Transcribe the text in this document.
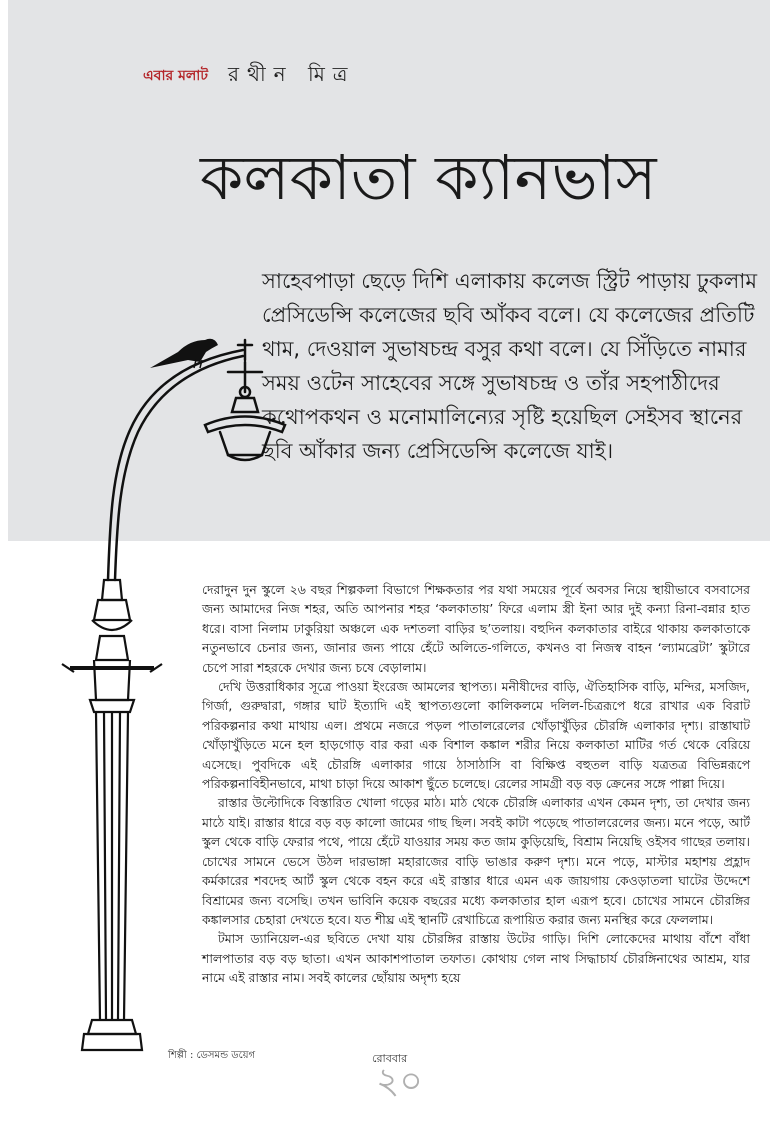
এবার মলাট রথীন মিত্র
কলকাতা ক্যানভাস

সাহেবপাড়া ছেড়ে দিশি এলাকায় কলেজ স্ট্রিট পাড়ায় ঢুকলাম প্রেসিডেন্সি কলেজের ছবি আঁকব বলে। যে কলেজের প্রতিটি থাম, দেওয়াল সুভাষচন্দ্র বসুর কথা বলে। যে সিঁড়িতে নামার সময় ওটেন সাহেবের সঙ্গে সুভাষচন্দ্র ও তাঁর সহপাঠীদের কথোপকথন ও মনোমালিন্যের সৃষ্টি হয়েছিল সেইসব স্থানের ছবি আঁকার জন্য প্রেসিডেন্সি কলেজে যাই।

দেরাদুন দুন স্কুলে ২৬ বছর শিল্পকলা বিভাগে শিক্ষকতার পর যথা সময়ের পূর্বে অবসর নিয়ে স্থায়ীভাবে বসবাসের জন্য আমাদের নিজ শহর, অতি আপনার শহর ‘কলকাতায়’ ফিরে এলাম স্ত্রী ইনা আর দুই কন্যা রিনা-বন্নার হাত ধরে। বাসা নিলাম ঢাকুরিয়া অঞ্চলে এক দশতলা বাড়ির ছ’তলায়। বহুদিন কলকাতার বাইরে থাকায় কলকাতাকে নতুনভাবে চেনার জন্য, জানার জন্য পায়ে হেঁটে অলিতে-গলিতে, কখনও বা নিজস্ব বাহন ‘ল্যামব্রেটা’ স্কুটারে চেপে সারা শহরকে দেখার জন্য চষে বেড়ালাম।

দেখি উত্তরাধিকার সূত্রে পাওয়া ইংরেজ আমলের স্থাপত্য। মনীষীদের বাড়ি, ঐতিহাসিক বাড়ি, মন্দির, মসজিদ, গির্জা, গুরুদ্বারা, গঙ্গার ঘাট ইত্যাদি এই স্থাপত্যগুলো কালিকলমে দলিল-চিত্ররূপে ধরে রাখার এক বিরাট পরিকল্পনার কথা মাথায় এল। প্রথমে নজরে পড়ল পাতালরেলের খোঁড়াখুঁড়ির চৌরঙ্গি এলাকার দৃশ্য। রাস্তাঘাট খোঁড়াখুঁড়িতে মনে হল হাড়গোড় বার করা এক বিশাল কঙ্কাল শরীর নিয়ে কলকাতা মাটির গর্ত থেকে বেরিয়ে এসেছে। পুবদিকে এই চৌরঙ্গি এলাকার গায়ে ঠাসাঠাসি বা বিক্ষিপ্ত বহুতল বাড়ি যত্রতত্র বিভিন্নরূপে পরিকল্পনাবিহীনভাবে, মাথা চাড়া দিয়ে আকাশ ছুঁতে চলেছে। রেলের সামগ্রী বড় বড় ক্রেনের সঙ্গে পাল্লা দিয়ে।

রাস্তার উল্টোদিকে বিস্তারিত খোলা গড়ের মাঠ। মাঠ থেকে চৌরঙ্গি এলাকার এখন কেমন দৃশ্য, তা দেখার জন্য মাঠে যাই। রাস্তার ধারে বড় বড় কালো জামের গাছ ছিল। সবই কাটা পড়েছে পাতালরেলের জন্য। মনে পড়ে, আর্ট স্কুল থেকে বাড়ি ফেরার পথে, পায়ে হেঁটে যাওয়ার সময় কত জাম কুড়িয়েছি, বিশ্রাম নিয়েছি ওইসব গাছের তলায়। চোখের সামনে ভেসে উঠল দারভাঙ্গা মহারাজের বাড়ি ভাঙার করুণ দৃশ্য। মনে পড়ে, মাস্টার মহাশয় প্রহ্লাদ কর্মকারের শবদেহ আর্ট স্কুল থেকে বহন করে এই রাস্তার ধারে এমন এক জায়গায় কেওড়াতলা ঘাটের উদ্দেশে বিশ্রামের জন্য বসেছি। তখন ভাবিনি কয়েক বছরের মধ্যে কলকাতার হাল এরূপ হবে। চোখের সামনে চৌরঙ্গির কঙ্কালসার চেহারা দেখতে হবে। যত শীঘ্র এই স্থানটি রেখাচিত্রে রূপায়িত করার জন্য মনস্থির করে ফেললাম।

টমাস ড্যানিয়েল-এর ছবিতে দেখা যায় চৌরঙ্গির রাস্তায় উটের গাড়ি। দিশি লোকেদের মাথায় বাঁশে বাঁধা শালপাতার বড় বড় ছাতা। এখন আকাশপাতাল তফাত। কোথায় গেল নাথ সিদ্ধাচার্য চৌরঙ্গিনাথের আশ্রম, যার নামে এই রাস্তার নাম। সবই কালের ছোঁয়ায় অদৃশ্য হয়ে

শিল্পী : ডেসমন্ড ডয়েগ	রোববার
২০
